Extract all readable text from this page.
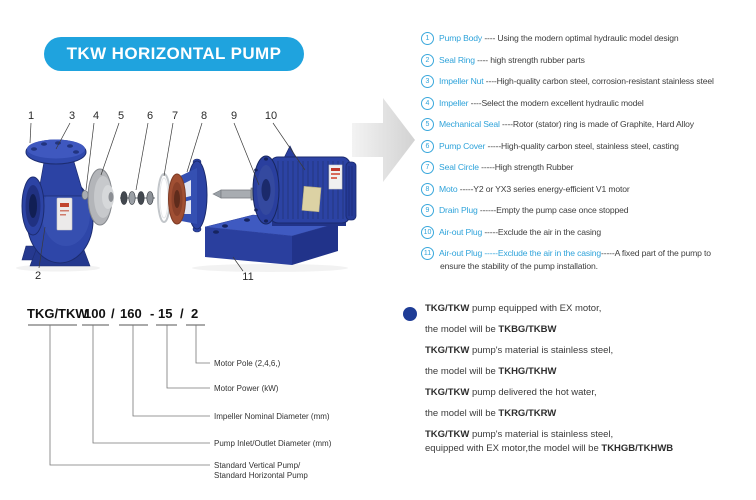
TKW HORIZONTAL PUMP
1	3 4 5 6 7 8 9	10
2	11
1	Pump Body ---- Using the modern optimal hydraulic model design
2	Seal Ring ---- high strength rubber parts
3	Impeller Nut ----High-quality carbon steel, corrosion-resistant stainless steel
4	Impeller ----Select the modern excellent hydraulic model
5	Mechanical Seal ----Rotor (stator) ring is made of Graphite, Hard Alloy
6	Pump Cover -----High-quality carbon steel, stainless steel, casting
7	Seal Circle -----High strength Rubber
8	Moto -----Y2 or YX3 series energy-efficient V1 motor
9	Drain Plug ------Empty the pump case once stopped
10 Air-out Plug -----Exclude the air in the casing
11 Air-out Plug -----Exclude the air in the casing-----A fixed part of the pump to
ensure the stability of the pump installation.
TKG/TKW
100 / 160 - 15 / 2
Motor Pole (2,4,6,)
Motor Power (kW)
Impeller Nominal Diameter (mm)
Pump Inlet/Outlet Diameter (mm)
Standard Vertical Pump/
Standard Horizontal Pump
TKG/TKW pump equipped with EX motor,
the model will be TKBG/TKBW
TKG/TKW pump's material is stainless steel,
the model will be TKHG/TKHW
TKG/TKW pump delivered the hot water,
the model will be TKRG/TKRW
TKG/TKW pump's material is stainless steel,
equipped with EX motor,the model will be TKHGB/TKHWB
